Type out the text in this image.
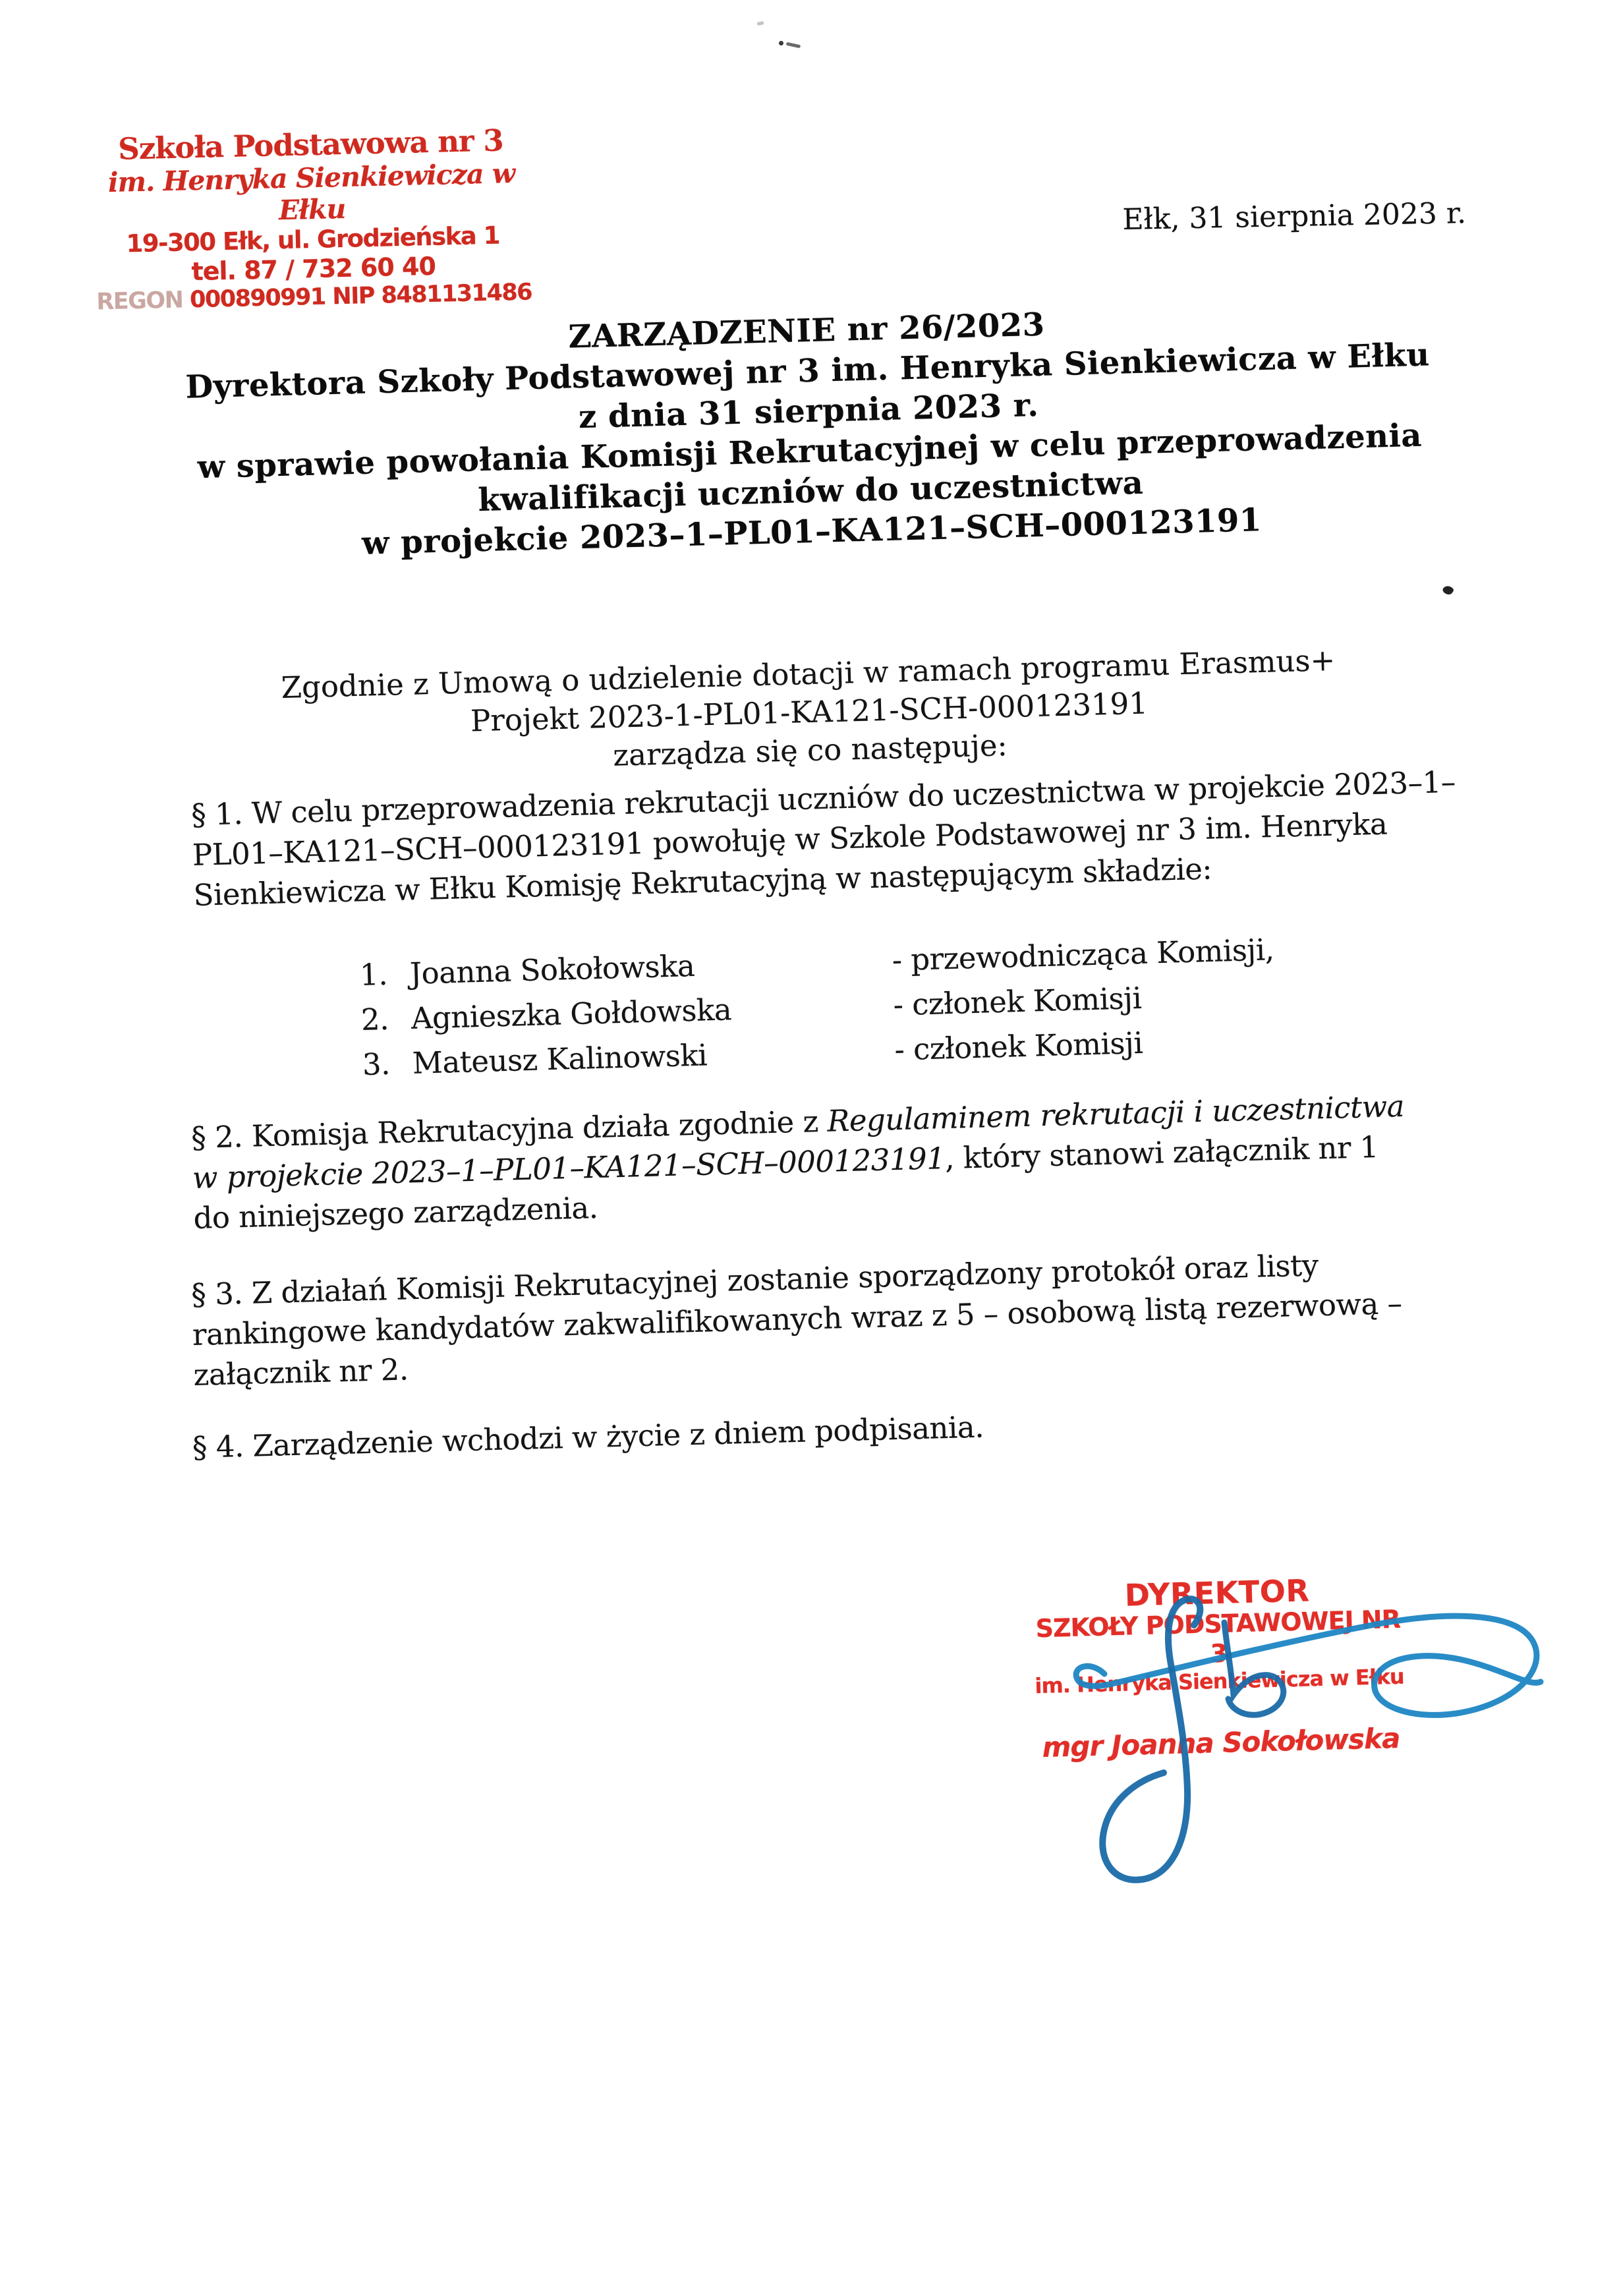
Szkoła Podstawowa nr 3
im. Henryka Sienkiewicza w Ełku
19-300 Ełk, ul. Grodzieńska 1
tel. 87 / 732 60 40
REGON 000890991 NIP 8481131486
Ełk, 31 sierpnia 2023 r.
ZARZĄDZENIE nr 26/2023
Dyrektora Szkoły Podstawowej nr 3 im. Henryka Sienkiewicza w Ełku
z dnia 31 sierpnia 2023 r.
w sprawie powołania Komisji Rekrutacyjnej w celu przeprowadzenia
kwalifikacji uczniów do uczestnictwa
w projekcie 2023–1–PL01–KA121–SCH–000123191
Zgodnie z Umową o udzielenie dotacji w ramach programu Erasmus+
Projekt 2023-1-PL01-KA121-SCH-000123191
zarządza się co następuje:
§ 1. W celu przeprowadzenia rekrutacji uczniów do uczestnictwa w projekcie 2023–1–
PL01–KA121–SCH–000123191 powołuję w Szkole Podstawowej nr 3 im. Henryka
Sienkiewicza w Ełku Komisję Rekrutacyjną w następującym składzie:
1. Joanna Sokołowska	- przewodnicząca Komisji,
2. Agnieszka Gołdowska	- członek Komisji
3. Mateusz Kalinowski	- członek Komisji
§ 2. Komisja Rekrutacyjna działa zgodnie z Regulaminem rekrutacji i uczestnictwa
w projekcie 2023–1–PL01–KA121–SCH–000123191, który stanowi załącznik nr 1
do niniejszego zarządzenia.
§ 3. Z działań Komisji Rekrutacyjnej zostanie sporządzony protokół oraz listy
rankingowe kandydatów zakwalifikowanych wraz z 5 – osobową listą rezerwową –
załącznik nr 2.
§ 4. Zarządzenie wchodzi w życie z dniem podpisania.
DYREKTOR
SZKOŁY PODSTAWOWEJ NR 3
im. Henryka Sienkiewicza w Ełku
mgr Joanna Sokołowska
